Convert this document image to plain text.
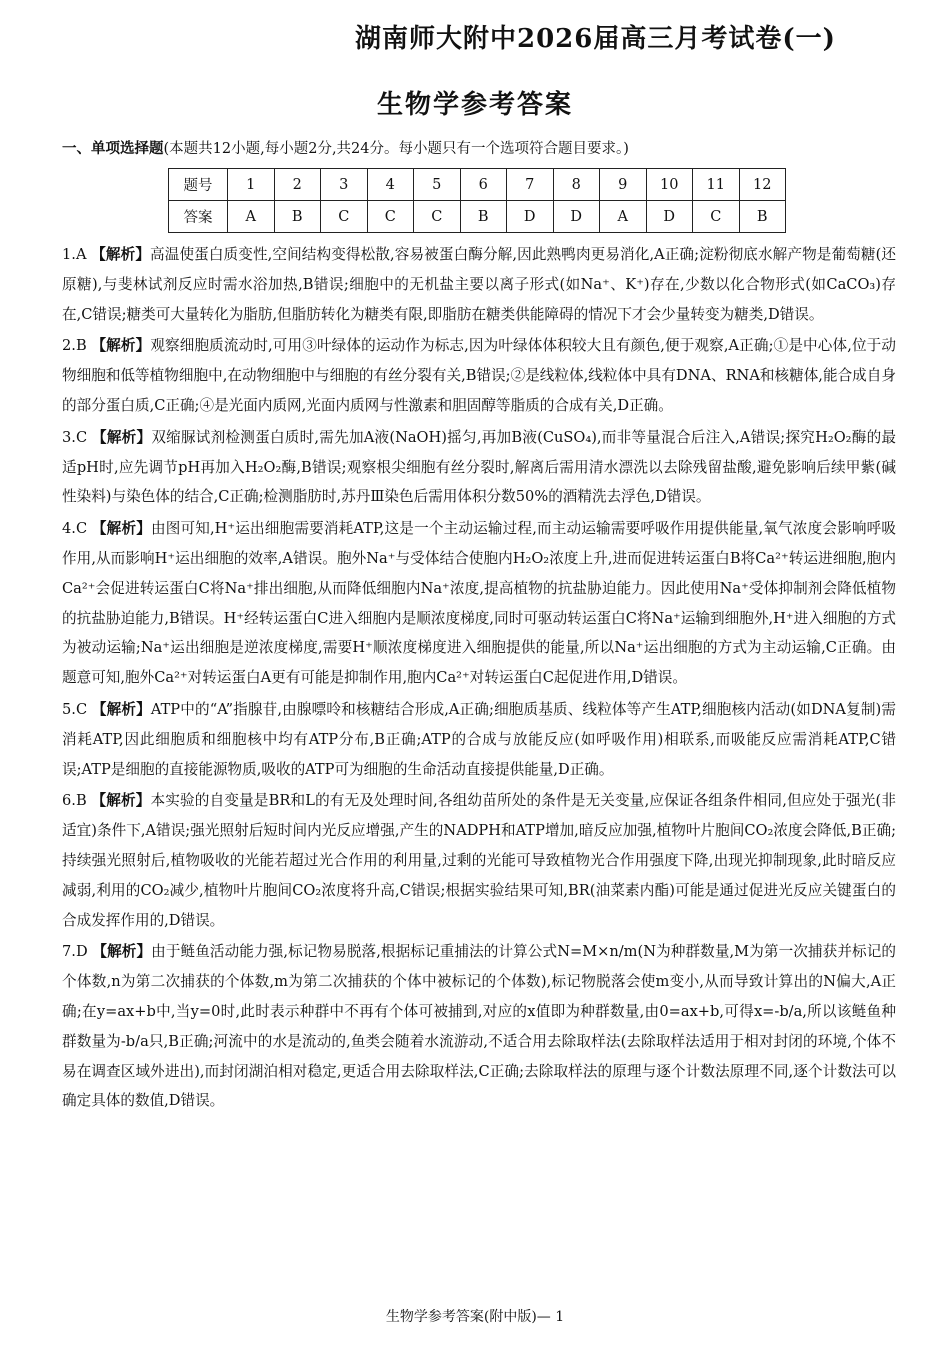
湖南师大附中2026届高三月考试卷(一)
生物学参考答案
一、单项选择题(本题共12小题,每小题2分,共24分。每小题只有一个选项符合题目要求。)
题号	1	2	3	4	5	6	7	8	9	10	11	12
答案	A	B	C	C	C	B	D	D	A	D	C	B

1.A 【解析】高温使蛋白质变性,空间结构变得松散,容易被蛋白酶分解,因此熟鸭肉更易消化,A正确;淀粉彻底水解产物是葡萄糖(还原糖),与斐林试剂反应时需水浴加热,B错误;细胞中的无机盐主要以离子形式(如Na⁺、K⁺)存在,少数以化合物形式(如CaCO₃)存在,C错误;糖类可大量转化为脂肪,但脂肪转化为糖类有限,即脂肪在糖类供能障碍的情况下才会少量转变为糖类,D错误。

2.B 【解析】观察细胞质流动时,可用③叶绿体的运动作为标志,因为叶绿体体积较大且有颜色,便于观察,A正确;①是中心体,位于动物细胞和低等植物细胞中,在动物细胞中与细胞的有丝分裂有关,B错误;②是线粒体,线粒体中具有DNA、RNA和核糖体,能合成自身的部分蛋白质,C正确;④是光面内质网,光面内质网与性激素和胆固醇等脂质的合成有关,D正确。

3.C 【解析】双缩脲试剂检测蛋白质时,需先加A液(NaOH)摇匀,再加B液(CuSO₄),而非等量混合后注入,A错误;探究H₂O₂酶的最适pH时,应先调节pH再加入H₂O₂酶,B错误;观察根尖细胞有丝分裂时,解离后需用清水漂洗以去除残留盐酸,避免影响后续甲紫(碱性染料)与染色体的结合,C正确;检测脂肪时,苏丹Ⅲ染色后需用体积分数50%的酒精洗去浮色,D错误。

4.C 【解析】由图可知,H⁺运出细胞需要消耗ATP,这是一个主动运输过程,而主动运输需要呼吸作用提供能量,氧气浓度会影响呼吸作用,从而影响H⁺运出细胞的效率,A错误。胞外Na⁺与受体结合使胞内H₂O₂浓度上升,进而促进转运蛋白B将Ca²⁺转运进细胞,胞内Ca²⁺会促进转运蛋白C将Na⁺排出细胞,从而降低细胞内Na⁺浓度,提高植物的抗盐胁迫能力。因此使用Na⁺受体抑制剂会降低植物的抗盐胁迫能力,B错误。H⁺经转运蛋白C进入细胞内是顺浓度梯度,同时可驱动转运蛋白C将Na⁺运输到细胞外,H⁺进入细胞的方式为被动运输;Na⁺运出细胞是逆浓度梯度,需要H⁺顺浓度梯度进入细胞提供的能量,所以Na⁺运出细胞的方式为主动运输,C正确。由题意可知,胞外Ca²⁺对转运蛋白A更有可能是抑制作用,胞内Ca²⁺对转运蛋白C起促进作用,D错误。

5.C 【解析】ATP中的“A”指腺苷,由腺嘌呤和核糖结合形成,A正确;细胞质基质、线粒体等产生ATP,细胞核内活动(如DNA复制)需消耗ATP,因此细胞质和细胞核中均有ATP分布,B正确;ATP的合成与放能反应(如呼吸作用)相联系,而吸能反应需消耗ATP,C错误;ATP是细胞的直接能源物质,吸收的ATP可为细胞的生命活动直接提供能量,D正确。

6.B 【解析】本实验的自变量是BR和L的有无及处理时间,各组幼苗所处的条件是无关变量,应保证各组条件相同,但应处于强光(非适宜)条件下,A错误;强光照射后短时间内光反应增强,产生的NADPH和ATP增加,暗反应加强,植物叶片胞间CO₂浓度会降低,B正确;持续强光照射后,植物吸收的光能若超过光合作用的利用量,过剩的光能可导致植物光合作用强度下降,出现光抑制现象,此时暗反应减弱,利用的CO₂减少,植物叶片胞间CO₂浓度将升高,C错误;根据实验结果可知,BR(油菜素内酯)可能是通过促进光反应关键蛋白的合成发挥作用的,D错误。

7.D 【解析】由于鲢鱼活动能力强,标记物易脱落,根据标记重捕法的计算公式N=M×n/m(N为种群数量,M为第一次捕获并标记的个体数,n为第二次捕获的个体数,m为第二次捕获的个体中被标记的个体数),标记物脱落会使m变小,从而导致计算出的N偏大,A正确;在y=ax+b中,当y=0时,此时表示种群中不再有个体可被捕到,对应的x值即为种群数量,由0=ax+b,可得x=-b/a,所以该鲢鱼种群数量为-b/a只,B正确;河流中的水是流动的,鱼类会随着水流游动,不适合用去除取样法(去除取样法适用于相对封闭的环境,个体不易在调查区域外进出),而封闭湖泊相对稳定,更适合用去除取样法,C正确;去除取样法的原理与逐个计数法原理不同,逐个计数法可以确定具体的数值,D错误。

生物学参考答案(附中版)— 1
